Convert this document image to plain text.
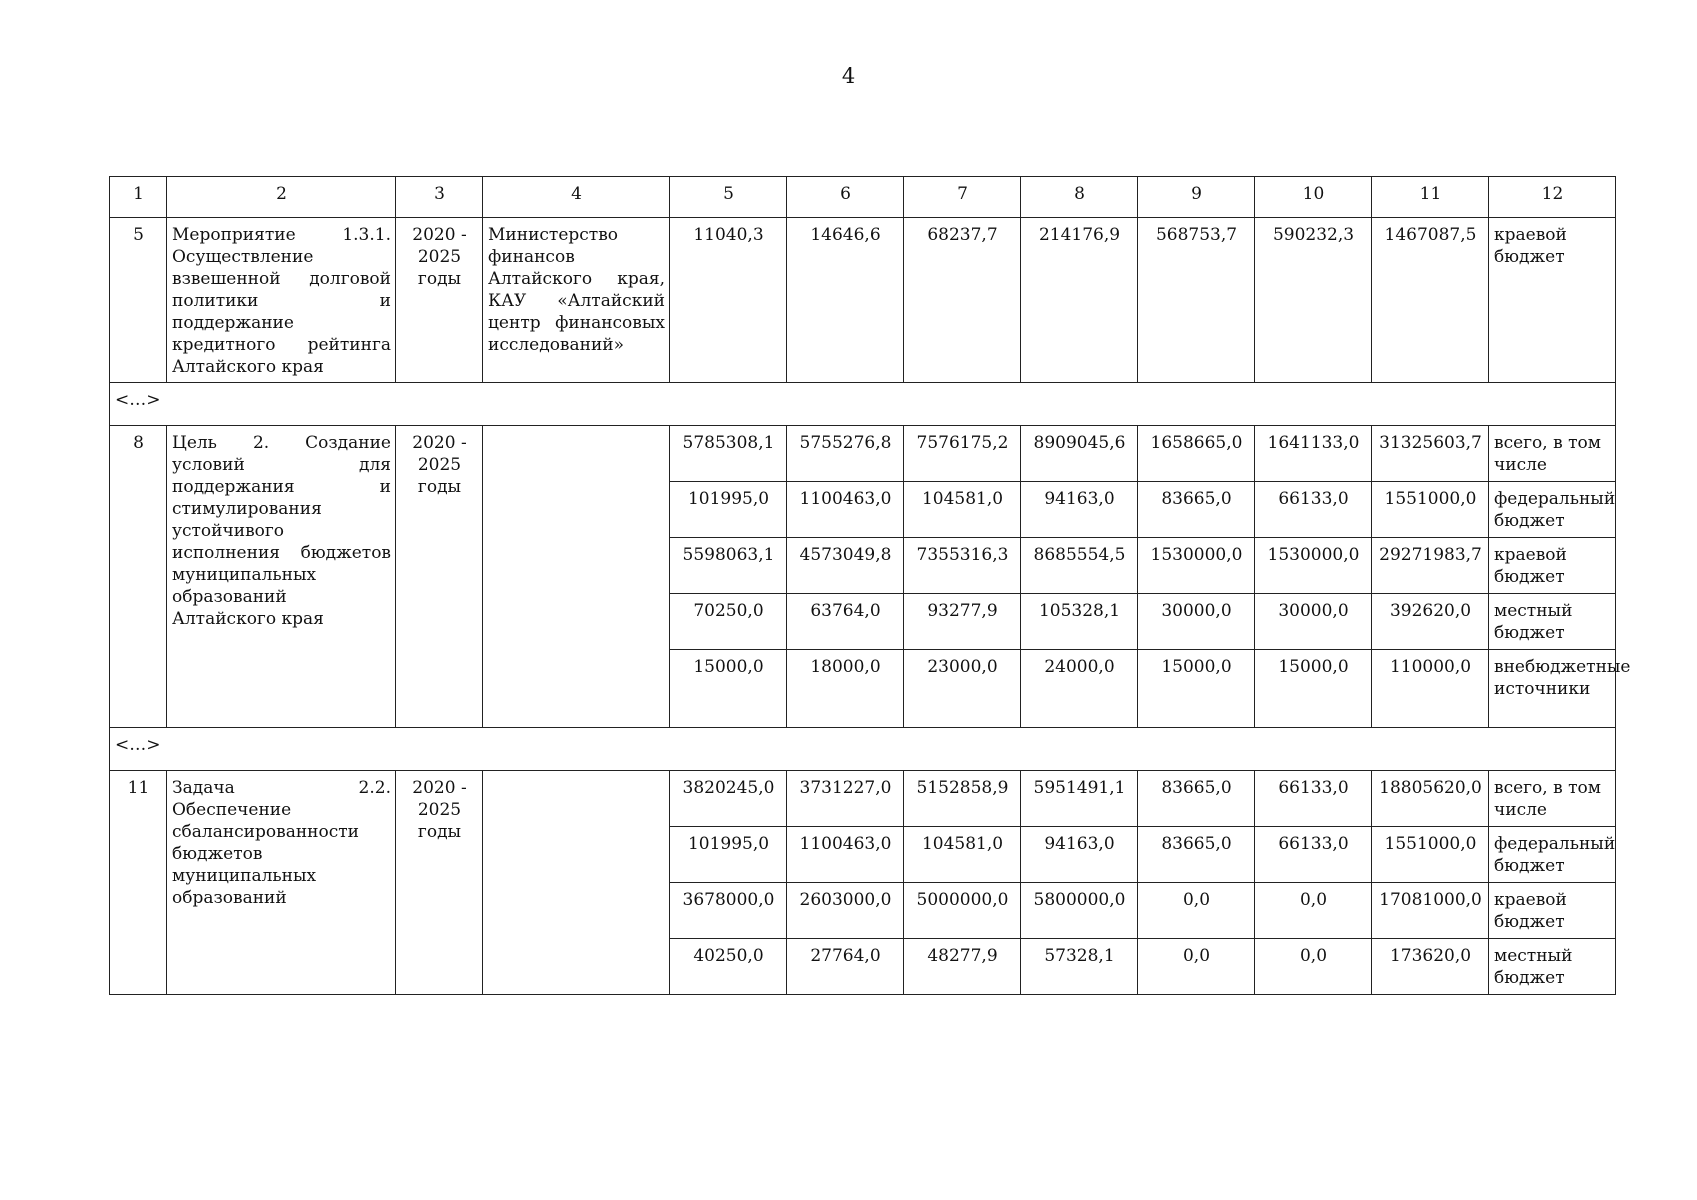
4
1	2	3	4	5	6	7	8	9	10	11	12
5	Мероприятие 1.3.1. Осуществление взвешенной долговой политики и поддержание кредитного рейтинга Алтайского края	2020 - 2025 годы	Министерство финансов Алтайского края, КАУ «Алтайский центр финансовых исследований»	11040,3	14646,6	68237,7	214176,9	568753,7	590232,3	1467087,5	краевой бюджет
<…>											
8	Цель 2. Создание условий для поддержания и стимулирования устойчивого исполнения бюджетов муниципальных образований Алтайского края	2020 - 2025 годы		5785308,1	5755276,8	7576175,2	8909045,6	1658665,0	1641133,0	31325603,7	всего, в том числе
				101995,0	1100463,0	104581,0	94163,0	83665,0	66133,0	1551000,0	федеральный бюджет
				5598063,1	4573049,8	7355316,3	8685554,5	1530000,0	1530000,0	29271983,7	краевой бюджет
				70250,0	63764,0	93277,9	105328,1	30000,0	30000,0	392620,0	местный бюджет
				15000,0	18000,0	23000,0	24000,0	15000,0	15000,0	110000,0	внебюджетные источники
<…>											
11	Задача 2.2. Обеспечение сбалансированности бюджетов муниципальных образований	2020 - 2025 годы		3820245,0	3731227,0	5152858,9	5951491,1	83665,0	66133,0	18805620,0	всего, в том числе
				101995,0	1100463,0	104581,0	94163,0	83665,0	66133,0	1551000,0	федеральный бюджет
				3678000,0	2603000,0	5000000,0	5800000,0	0,0	0,0	17081000,0	краевой бюджет
				40250,0	27764,0	48277,9	57328,1	0,0	0,0	173620,0	местный бюджет
